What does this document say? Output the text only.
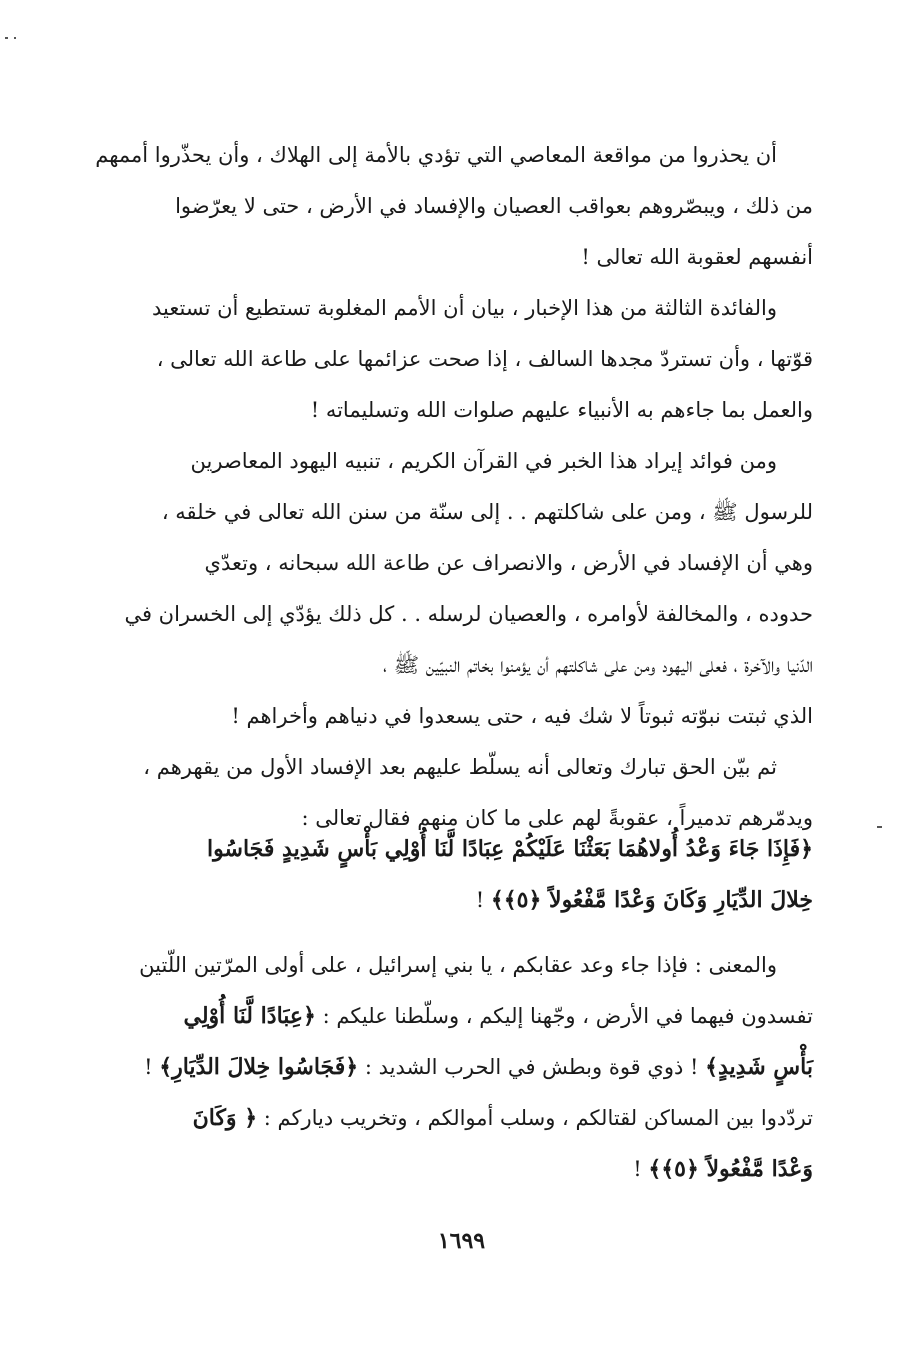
أن يحذروا من مواقعة المعاصي التي تؤدي بالأمة إلى الهلاك ، وأن يحذّروا أممهم

من ذلك ، ويبصّروهم بعواقب العصيان والإفساد في الأرض ، حتى لا يعرّضوا

أنفسهم لعقوبة الله تعالى !

والفائدة الثالثة من هذا الإخبار ، بيان أن الأمم المغلوبة تستطيع أن تستعيد

قوّتها ، وأن تستردّ مجدها السالف ، إذا صحت عزائمها على طاعة الله تعالى ،

والعمل بما جاءهم به الأنبياء عليهم صلوات الله وتسليماته !

ومن فوائد إيراد هذا الخبر في القرآن الكريم ، تنبيه اليهود المعاصرين

للرسول ﷺ ، ومن على شاكلتهم . . إلى سنّة من سنن الله تعالى في خلقه ،

وهي أن الإفساد في الأرض ، والانصراف عن طاعة الله سبحانه ، وتعدّي

حدوده ، والمخالفة لأوامره ، والعصيان لرسله . . كل ذلك يؤدّي إلى الخسران في

الدّنيا والآخرة ، فعلى اليهود ومن على شاكلتهم أن يؤمنوا بخاتم النبيّين ﷺ ،

الذي ثبتت نبوّته ثبوتاً لا شك فيه ، حتى يسعدوا في دنياهم وأخراهم !

ثم بيّن الحق تبارك وتعالى أنه يسلّط عليهم بعد الإفساد الأول من يقهرهم ،

ويدمّرهم تدميراً ، عقوبةً لهم على ما كان منهم فقال تعالى :

﴿فَإِذَا جَاءَ وَعْدُ أُولاهُمَا بَعَثْنَا عَلَيْكُمْ عِبَادًا لَّنَا أُوْلِي بَأْسٍ شَدِيدٍ فَجَاسُوا

خِلالَ الدِّيَارِ وَكَانَ وَعْدًا مَّفْعُولاً ﴿٥﴾﴾ !

والمعنى : فإذا جاء وعد عقابكم ، يا بني إسرائيل ، على أولى المرّتين اللّتين

تفسدون فيهما في الأرض ، وجّهنا إليكم ، وسلّطنا عليكم : ﴿عِبَادًا لَّنَا أُوْلِي

بَأْسٍ شَدِيدٍ﴾ ! ذوي قوة وبطش في الحرب الشديد : ﴿فَجَاسُوا خِلالَ الدِّيَارِ﴾ !

تردّدوا بين المساكن لقتالكم ، وسلب أموالكم ، وتخريب دياركم : ﴿ وَكَانَ

وَعْدًا مَّفْعُولاً ﴿٥﴾﴾ !

١٦٩٩
